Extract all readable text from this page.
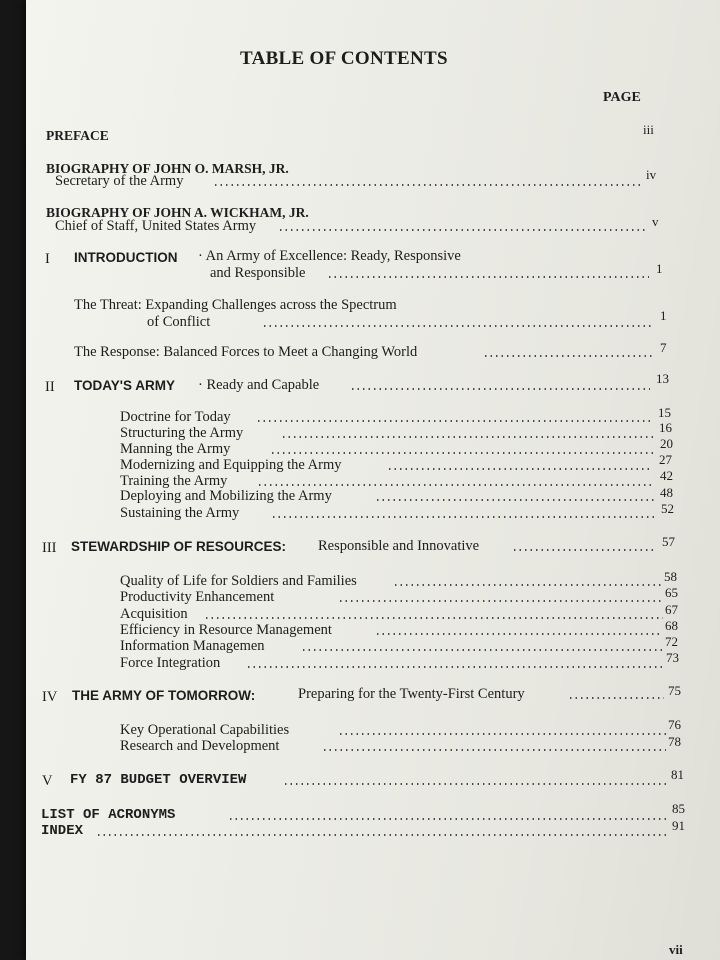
TABLE OF CONTENTS
PAGE
PREFACE	iii
BIOGRAPHY OF JOHN O. MARSH, JR.
Secretary of the Army	iv
BIOGRAPHY OF JOHN A. WICKHAM, JR.
Chief of Staff, United States Army	v
I INTRODUCTION · An Army of Excellence: Ready, Responsive
and Responsible	1
The Threat: Expanding Challenges across the Spectrum
of Conflict	1
The Response: Balanced Forces to Meet a Changing World	7
II TODAY'S ARMY · Ready and Capable	13
Doctrine for Today	15
Structuring the Army	16
Manning the Army	20
Modernizing and Equipping the Army	27
Training the Army	42
Deploying and Mobilizing the Army	48
Sustaining the Army	52
III STEWARDSHIP OF RESOURCES: Responsible and Innovative	57
Quality of Life for Soldiers and Families	58
Productivity Enhancement	65
Acquisition	67
Efficiency in Resource Management	68
Information Managemen	72
Force Integration	73
IV THE ARMY OF TOMORROW:	Preparing for the Twenty-First Century	75
Key Operational Capabilities	76
Research and Development	78
V FY 87 BUDGET OVERVIEW	81
LIST OF ACRONYMS	85
INDEX	91
vii
